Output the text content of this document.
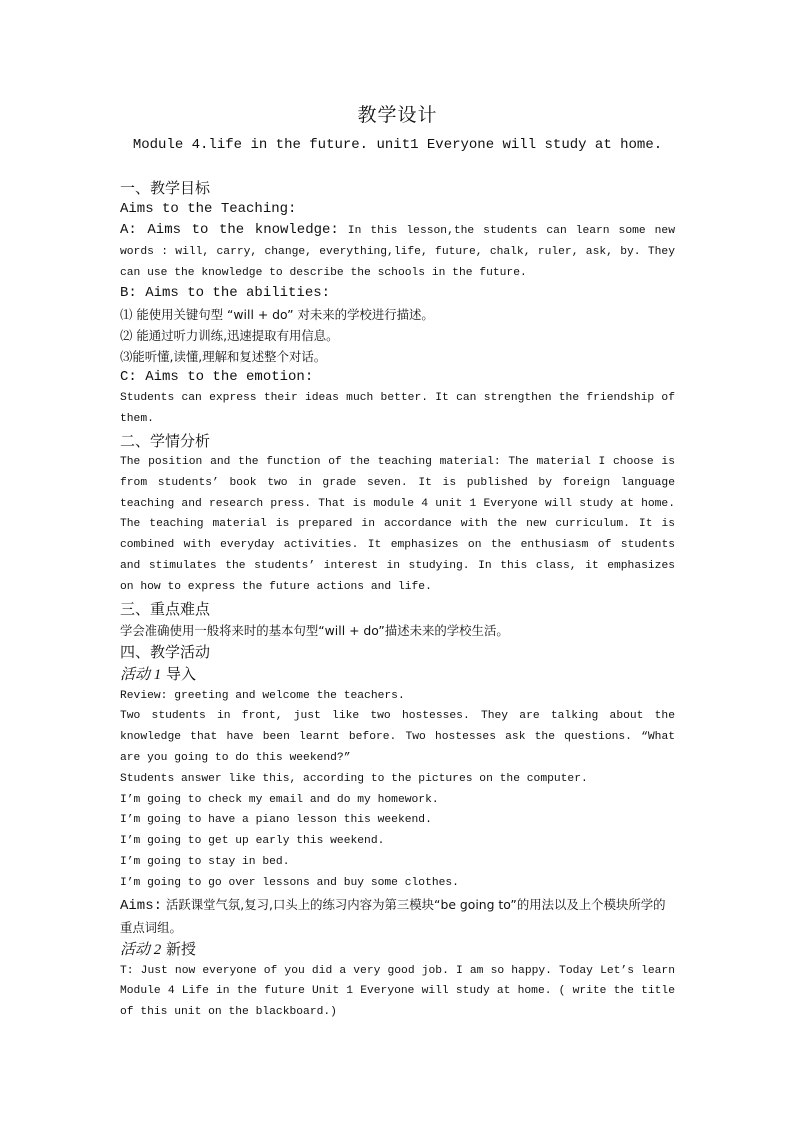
教学设计

Module 4.life in the future. unit1 Everyone will study at home.

一、教学目标

Aims to the Teaching:

A: Aims to the knowledge: In this lesson,the students can learn some new words : will, carry, change, everything,life, future, chalk, ruler, ask, by. They can use the knowledge to describe the schools in the future.

B: Aims to the abilities:

⑴ 能使用关键句型 “will + do” 对未来的学校进行描述。

⑵ 能通过听力训练,迅速提取有用信息。

⑶能听懂,读懂,理解和复述整个对话。

C: Aims to the emotion:

Students can express their ideas much better. It can strengthen the friendship of them.

二、学情分析

The position and the function of the teaching material: The material I choose is from students’ book two in grade seven. It is published by foreign language teaching and research press. That is module 4 unit 1 Everyone will study at home. The teaching material is prepared in accordance with the new curriculum. It is combined with everyday activities. It emphasizes on the enthusiasm of students and stimulates the students’ interest in studying. In this class, it emphasizes on how to express the future actions and life.

三、重点难点

学会准确使用一般将来时的基本句型“will + do”描述未来的学校生活。

四、教学活动

活动 1 导入

Review: greeting and welcome the teachers.

Two students in front, just like two hostesses. They are talking about the knowledge that have been learnt before. Two hostesses ask the questions. “What are you going to do this weekend?”

Students answer like this, according to the pictures on the computer.

I’m going to check my email and do my homework.

I’m going to have a piano lesson this weekend.

I’m going to get up early this weekend.

I’m going to stay in bed.

I’m going to go over lessons and buy some clothes.

Aims: 活跃课堂气氛,复习,口头上的练习内容为第三模块“be going to”的用法以及上个模块所学的重点词组。

活动 2 新授

T: Just now everyone of you did a very good job. I am so happy. Today Let’s learn Module 4 Life in the future Unit 1 Everyone will study at home. ( write the title of this unit on the blackboard.)
